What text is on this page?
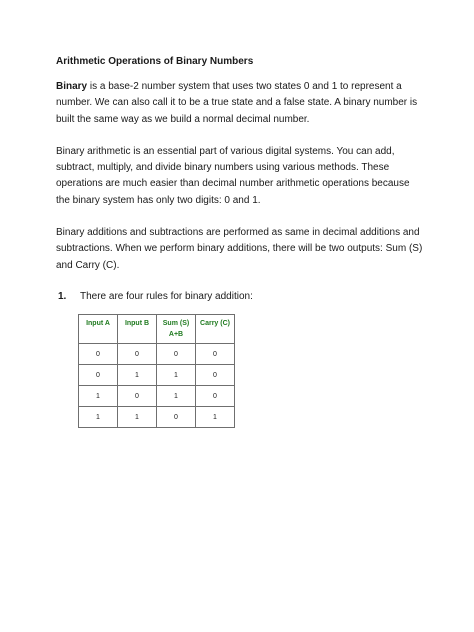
Arithmetic Operations of Binary Numbers

Binary is a base-2 number system that uses two states 0 and 1 to represent a number. We can also call it to be a true state and a false state. A binary number is built the same way as we build a normal decimal number.

Binary arithmetic is an essential part of various digital systems. You can add, subtract, multiply, and divide binary numbers using various methods. These operations are much easier than decimal number arithmetic operations because the binary system has only two digits: 0 and 1.

Binary additions and subtractions are performed as same in decimal additions and subtractions. When we perform binary additions, there will be two outputs: Sum (S) and Carry (C).

1.	There are four rules for binary addition:
Input A	Input B	Sum (S) A+B	Carry (C)
0	0	0	0
0	1	1	0
1	0	1	0
1	1	0	1
